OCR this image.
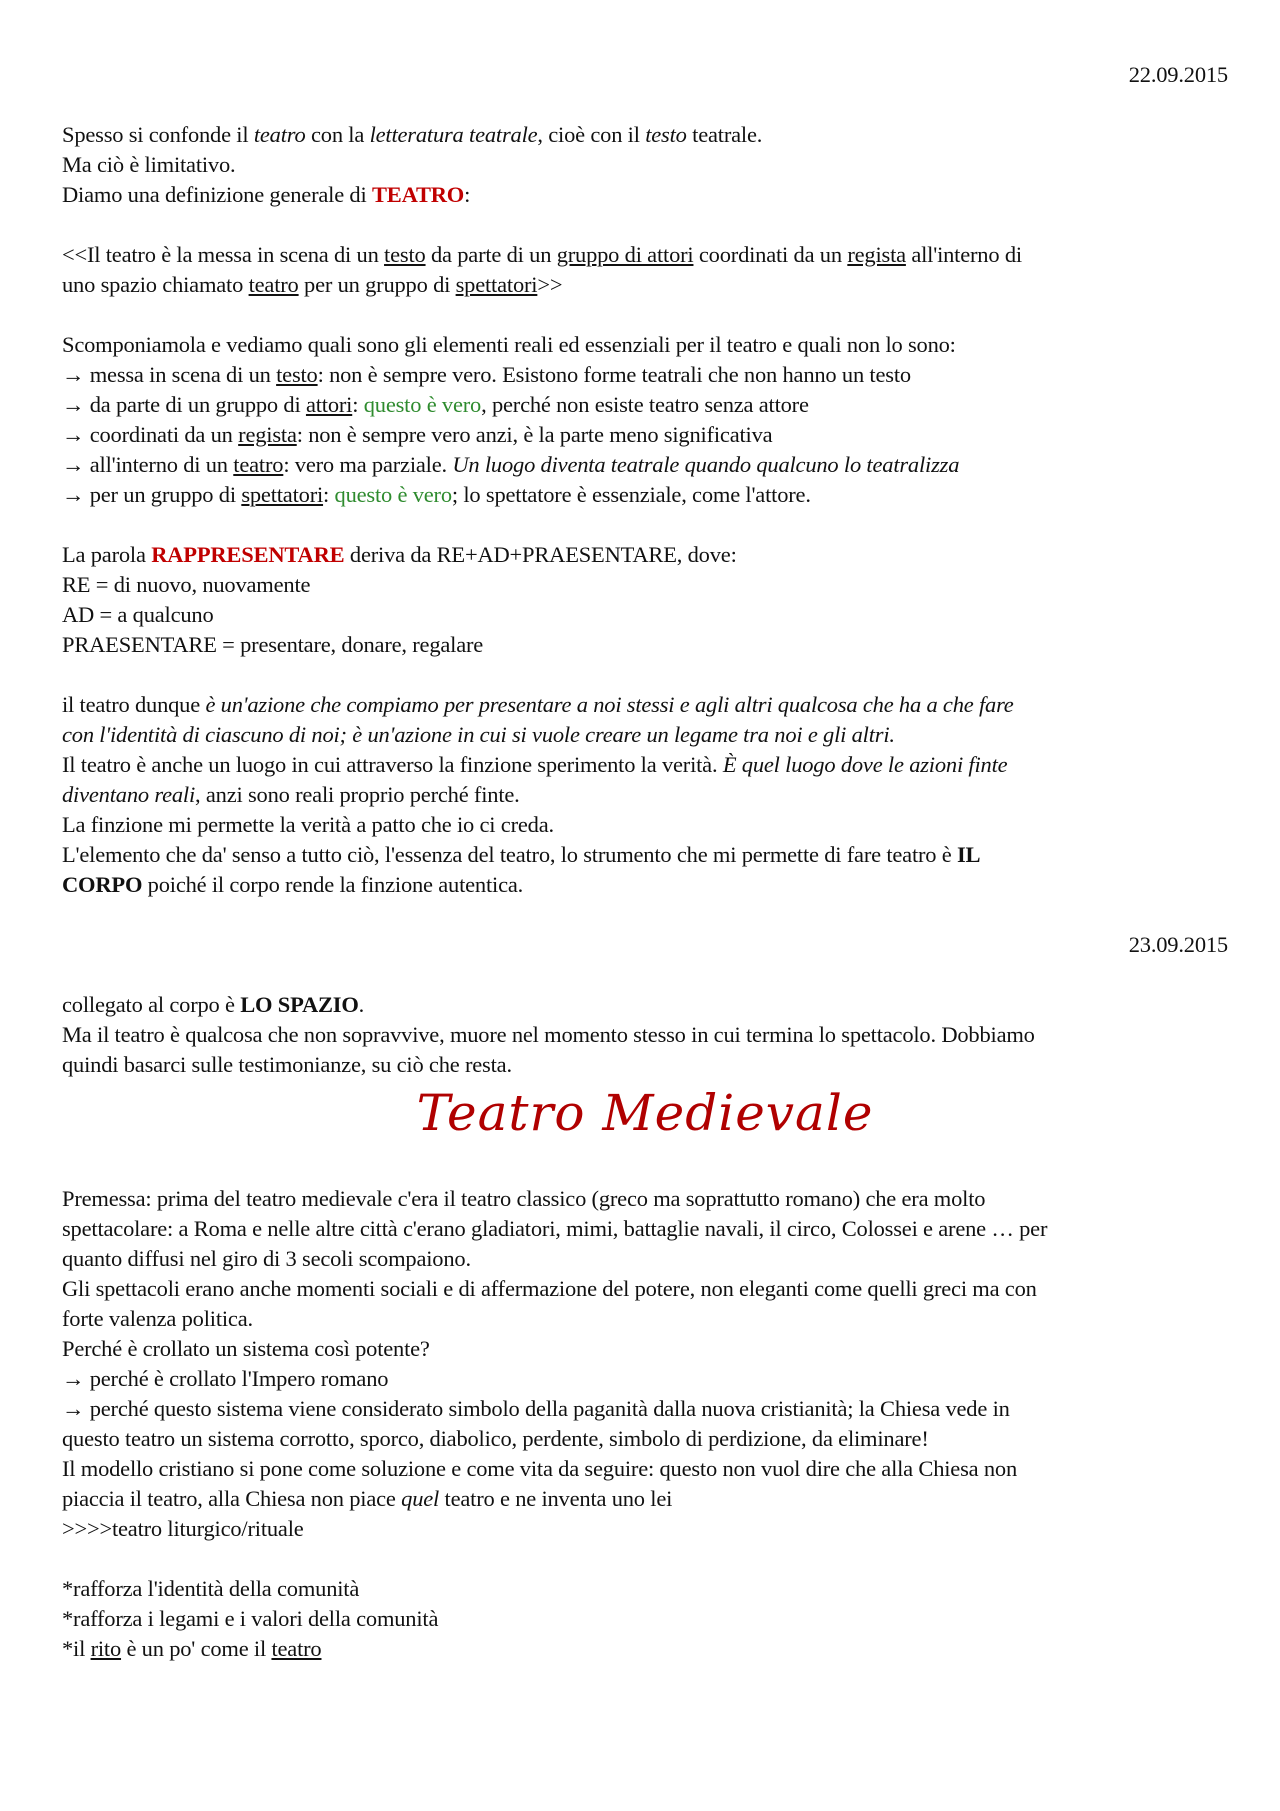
22.09.2015
Spesso si confonde il teatro con la letteratura teatrale, cioè con il testo teatrale.
Ma ciò è limitativo.
Diamo una definizione generale di TEATRO:
<<Il teatro è la messa in scena di un testo da parte di un gruppo di attori coordinati da un regista all'interno di
uno spazio chiamato teatro per un gruppo di spettatori>>
Scomponiamola e vediamo quali sono gli elementi reali ed essenziali per il teatro e quali non lo sono:
→ messa in scena di un testo: non è sempre vero. Esistono forme teatrali che non hanno un testo
→ da parte di un gruppo di attori: questo è vero, perché non esiste teatro senza attore
→ coordinati da un regista: non è sempre vero anzi, è la parte meno significativa
→ all'interno di un teatro: vero ma parziale. Un luogo diventa teatrale quando qualcuno lo teatralizza
→ per un gruppo di spettatori: questo è vero; lo spettatore è essenziale, come l'attore.
La parola RAPPRESENTARE deriva da RE+AD+PRAESENTARE, dove:
RE = di nuovo, nuovamente
AD = a qualcuno
PRAESENTARE = presentare, donare, regalare
il teatro dunque è un'azione che compiamo per presentare a noi stessi e agli altri qualcosa che ha a che fare
con l'identità di ciascuno di noi; è un'azione in cui si vuole creare un legame tra noi e gli altri.
Il teatro è anche un luogo in cui attraverso la finzione sperimento la verità. È quel luogo dove le azioni finte
diventano reali, anzi sono reali proprio perché finte.
La finzione mi permette la verità a patto che io ci creda.
L'elemento che da' senso a tutto ciò, l'essenza del teatro, lo strumento che mi permette di fare teatro è IL
CORPO poiché il corpo rende la finzione autentica.
23.09.2015
collegato al corpo è LO SPAZIO.
Ma il teatro è qualcosa che non sopravvive, muore nel momento stesso in cui termina lo spettacolo. Dobbiamo
quindi basarci sulle testimonianze, su ciò che resta.
Teatro Medievale
Premessa: prima del teatro medievale c'era il teatro classico (greco ma soprattutto romano) che era molto
spettacolare: a Roma e nelle altre città c'erano gladiatori, mimi, battaglie navali, il circo, Colossei e arene … per
quanto diffusi nel giro di 3 secoli scompaiono.
Gli spettacoli erano anche momenti sociali e di affermazione del potere, non eleganti come quelli greci ma con
forte valenza politica.
Perché è crollato un sistema così potente?
→ perché è crollato l'Impero romano
→ perché questo sistema viene considerato simbolo della paganità dalla nuova cristianità; la Chiesa vede in
questo teatro un sistema corrotto, sporco, diabolico, perdente, simbolo di perdizione, da eliminare!
Il modello cristiano si pone come soluzione e come vita da seguire: questo non vuol dire che alla Chiesa non
piaccia il teatro, alla Chiesa non piace quel teatro e ne inventa uno lei
>>>>teatro liturgico/rituale
*rafforza l'identità della comunità
*rafforza i legami e i valori della comunità
*il rito è un po' come il teatro
